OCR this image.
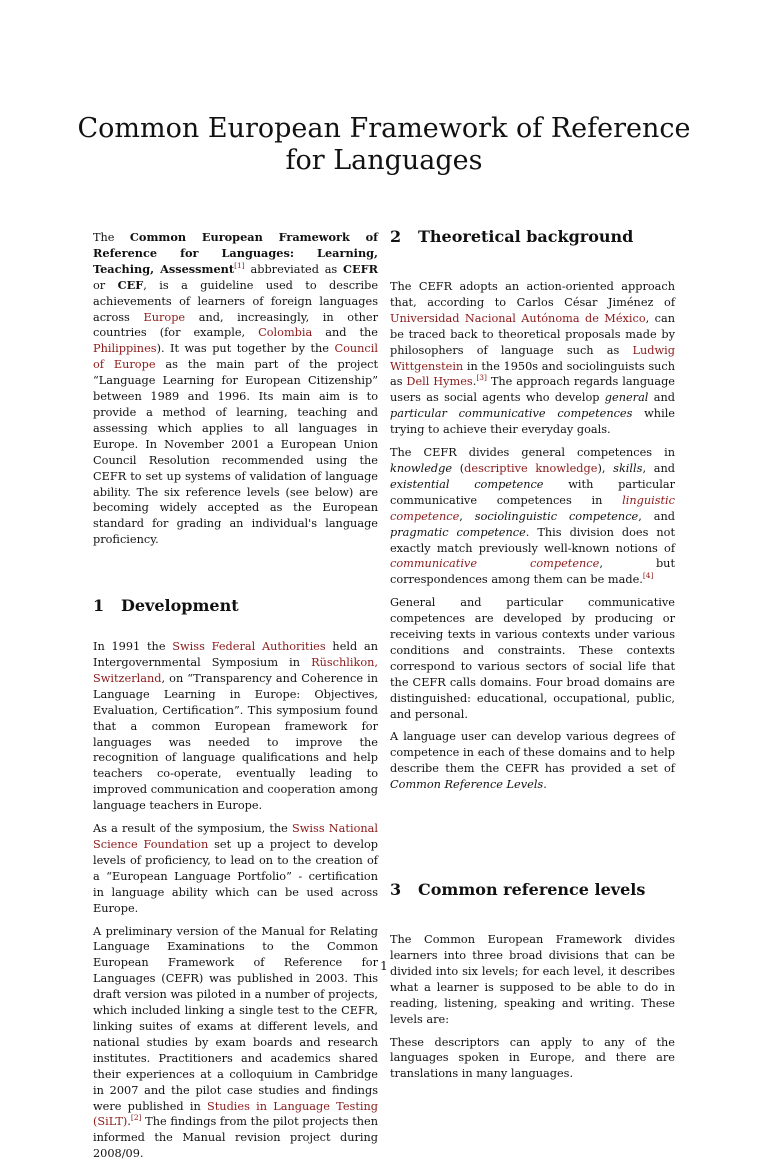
Common European Framework of Reference for Languages

The Common European Framework of Reference for Languages: Learning, Teaching, Assessment[1] abbreviated as CEFR or CEF, is a guideline used to describe achievements of learners of foreign languages across Europe and, increasingly, in other countries (for example, Colombia and the Philippines). It was put together by the Council of Europe as the main part of the project “Language Learning for European Citizenship” between 1989 and 1996. Its main aim is to provide a method of learning, teaching and assessing which applies to all languages in Europe. In November 2001 a European Union Council Resolution recommended using the CEFR to set up systems of validation of language ability. The six reference levels (see below) are becoming widely accepted as the European standard for grading an individual's language proficiency.

1 Development

In 1991 the Swiss Federal Authorities held an Intergovernmental Symposium in Rüschlikon, Switzerland, on “Transparency and Coherence in Language Learning in Europe: Objectives, Evaluation, Certification”. This symposium found that a common European framework for languages was needed to improve the recognition of language qualifications and help teachers co-operate, eventually leading to improved communication and cooperation among language teachers in Europe.

As a result of the symposium, the Swiss National Science Foundation set up a project to develop levels of proficiency, to lead on to the creation of a “European Language Portfolio” - certification in language ability which can be used across Europe.

A preliminary version of the Manual for Relating Language Examinations to the Common European Framework of Reference for Languages (CEFR) was published in 2003. This draft version was piloted in a number of projects, which included linking a single test to the CEFR, linking suites of exams at different levels, and national studies by exam boards and research institutes. Practitioners and academics shared their experiences at a colloquium in Cambridge in 2007 and the pilot case studies and findings were published in Studies in Language Testing (SiLT).[2] The findings from the pilot projects then informed the Manual revision project during 2008/09.

2 Theoretical background

The CEFR adopts an action-oriented approach that, according to Carlos César Jiménez of Universidad Nacional Autónoma de México, can be traced back to theoretical proposals made by philosophers of language such as Ludwig Wittgenstein in the 1950s and sociolinguists such as Dell Hymes.[3] The approach regards language users as social agents who develop general and particular communicative competences while trying to achieve their everyday goals.

The CEFR divides general competences in knowledge (descriptive knowledge), skills, and existential competence with particular communicative competences in linguistic competence, sociolinguistic competence, and pragmatic competence. This division does not exactly match previously well-known notions of communicative competence, but correspondences among them can be made.[4]

General and particular communicative competences are developed by producing or receiving texts in various contexts under various conditions and constraints. These contexts correspond to various sectors of social life that the CEFR calls domains. Four broad domains are distinguished: educational, occupational, public, and personal.

A language user can develop various degrees of competence in each of these domains and to help describe them the CEFR has provided a set of Common Reference Levels.

3 Common reference levels

The Common European Framework divides learners into three broad divisions that can be divided into six levels; for each level, it describes what a learner is supposed to be able to do in reading, listening, speaking and writing. These levels are:

These descriptors can apply to any of the languages spoken in Europe, and there are translations in many languages.

1
